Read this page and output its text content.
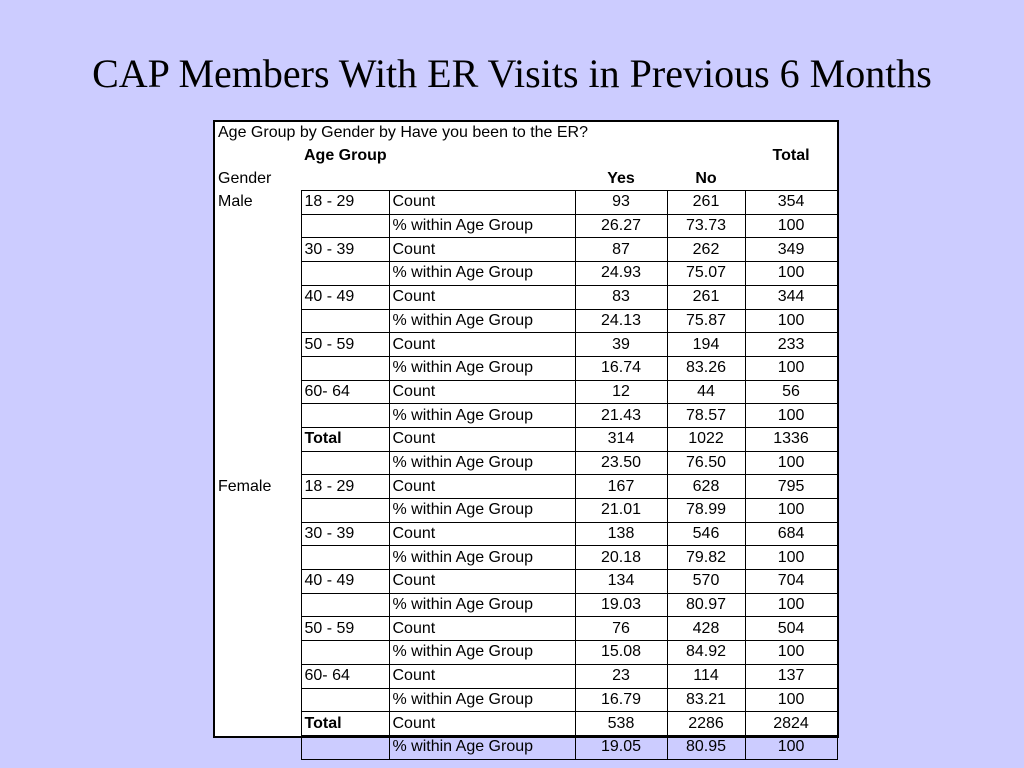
CAP Members With ER Visits in Previous 6 Months
Age Group by Gender by Have you been to the ER?					
	Age Group				Total
Gender			Yes	No	
Male	18 - 29	Count	93	261	354
		% within Age Group	26.27	73.73	100
	30 - 39	Count	87	262	349
		% within Age Group	24.93	75.07	100
	40 - 49	Count	83	261	344
		% within Age Group	24.13	75.87	100
	50 - 59	Count	39	194	233
		% within Age Group	16.74	83.26	100
	60- 64	Count	12	44	56
		% within Age Group	21.43	78.57	100
	Total	Count	314	1022	1336
		% within Age Group	23.50	76.50	100
Female	18 - 29	Count	167	628	795
		% within Age Group	21.01	78.99	100
	30 - 39	Count	138	546	684
		% within Age Group	20.18	79.82	100
	40 - 49	Count	134	570	704
		% within Age Group	19.03	80.97	100
	50 - 59	Count	76	428	504
		% within Age Group	15.08	84.92	100
	60- 64	Count	23	114	137
		% within Age Group	16.79	83.21	100
	Total	Count	538	2286	2824
		% within Age Group	19.05	80.95	100
